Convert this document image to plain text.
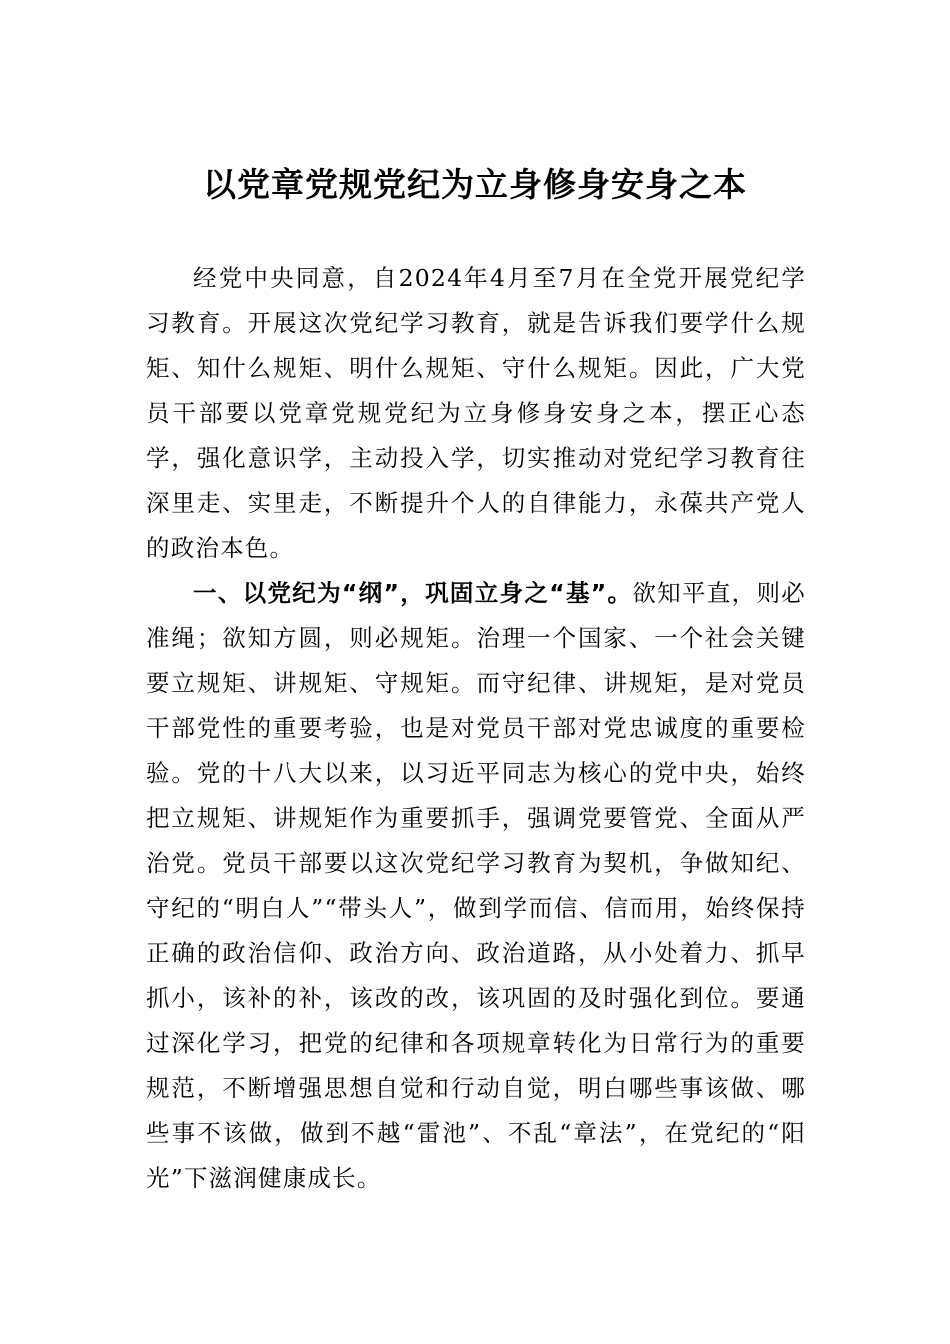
以党章党规党纪为立身修身安身之本

经党中央同意，自2024年4月至7月在全党开展党纪学习教育。开展这次党纪学习教育，就是告诉我们要学什么规矩、知什么规矩、明什么规矩、守什么规矩。因此，广大党员干部要以党章党规党纪为立身修身安身之本，摆正心态学，强化意识学，主动投入学，切实推动对党纪学习教育往深里走、实里走，不断提升个人的自律能力，永葆共产党人的政治本色。

一、以党纪为“纲”，巩固立身之“基”。欲知平直，则必准绳；欲知方圆，则必规矩。治理一个国家、一个社会关键要立规矩、讲规矩、守规矩。而守纪律、讲规矩，是对党员干部党性的重要考验，也是对党员干部对党忠诚度的重要检验。党的十八大以来，以习近平同志为核心的党中央，始终把立规矩、讲规矩作为重要抓手，强调党要管党、全面从严治党。党员干部要以这次党纪学习教育为契机，争做知纪、守纪的“明白人”“带头人”，做到学而信、信而用，始终保持正确的政治信仰、政治方向、政治道路，从小处着力、抓早抓小，该补的补，该改的改，该巩固的及时强化到位。要通过深化学习，把党的纪律和各项规章转化为日常行为的重要规范，不断增强思想自觉和行动自觉，明白哪些事该做、哪些事不该做，做到不越“雷池”、不乱“章法”，在党纪的“阳光”下滋润健康成长。
